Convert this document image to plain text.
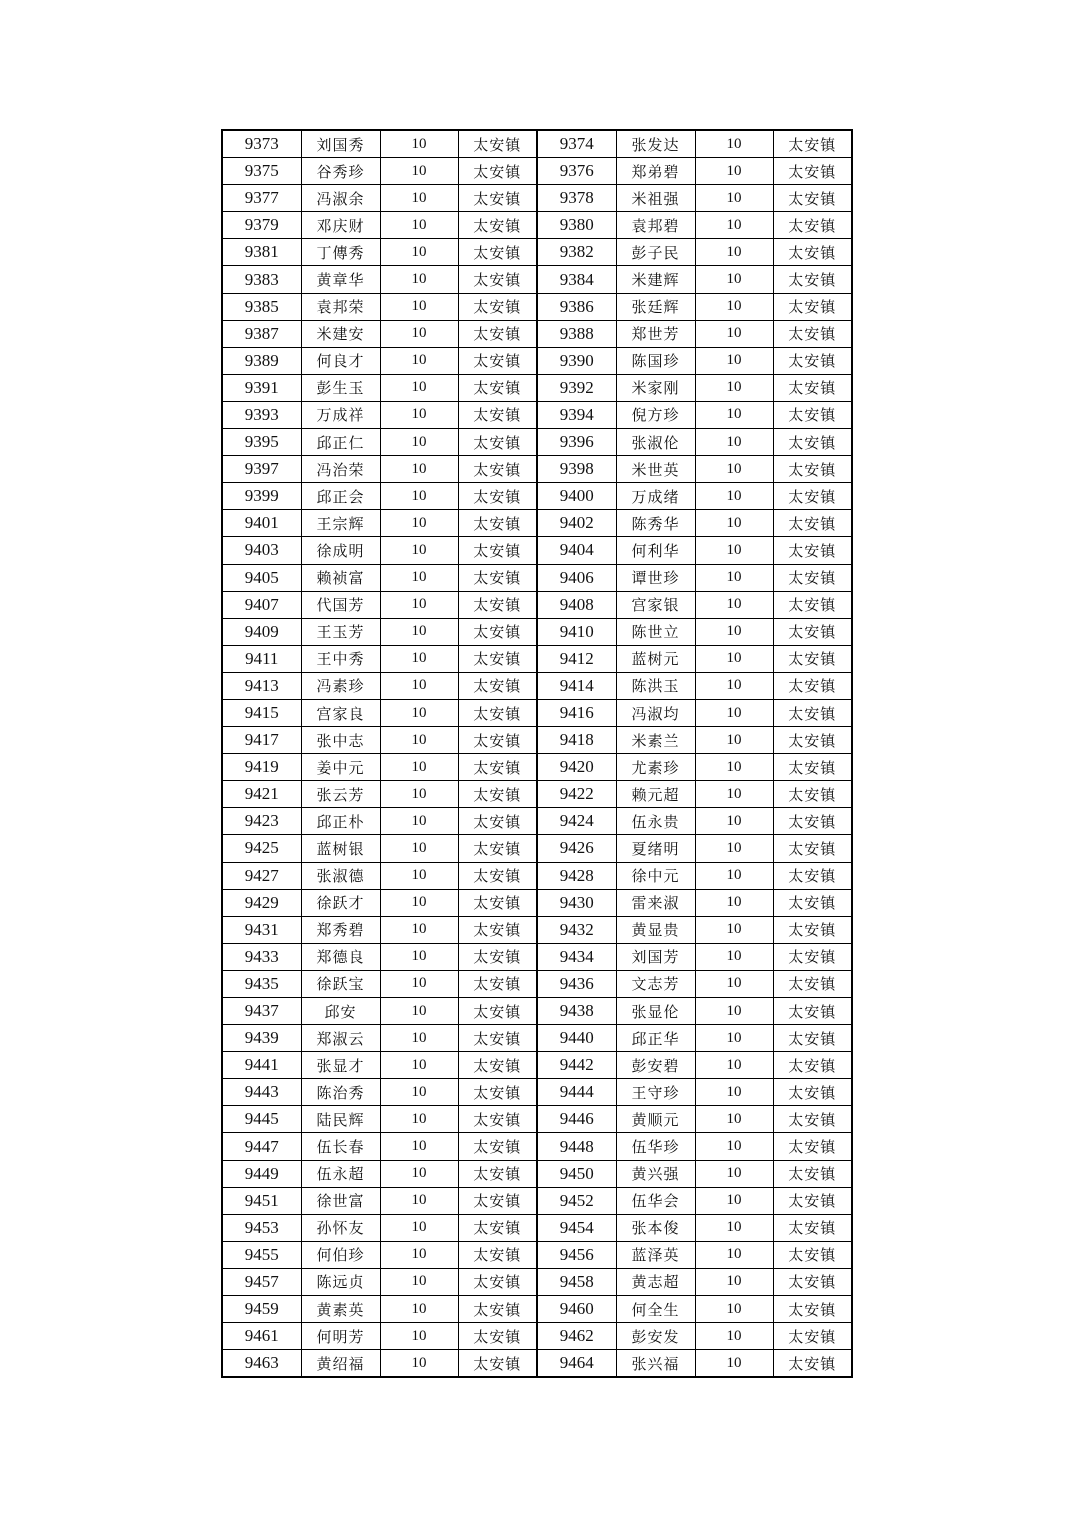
9373	刘国秀	10	太安镇	9374	张发达	10	太安镇
9375	谷秀珍	10	太安镇	9376	郑弟碧	10	太安镇
9377	冯淑余	10	太安镇	9378	米祖强	10	太安镇
9379	邓庆财	10	太安镇	9380	袁邦碧	10	太安镇
9381	丁傳秀	10	太安镇	9382	彭子民	10	太安镇
9383	黄章华	10	太安镇	9384	米建辉	10	太安镇
9385	袁邦荣	10	太安镇	9386	张廷辉	10	太安镇
9387	米建安	10	太安镇	9388	郑世芳	10	太安镇
9389	何良才	10	太安镇	9390	陈国珍	10	太安镇
9391	彭生玉	10	太安镇	9392	米家刚	10	太安镇
9393	万成祥	10	太安镇	9394	倪方珍	10	太安镇
9395	邱正仁	10	太安镇	9396	张淑伦	10	太安镇
9397	冯治荣	10	太安镇	9398	米世英	10	太安镇
9399	邱正会	10	太安镇	9400	万成绪	10	太安镇
9401	王宗辉	10	太安镇	9402	陈秀华	10	太安镇
9403	徐成明	10	太安镇	9404	何利华	10	太安镇
9405	赖祯富	10	太安镇	9406	谭世珍	10	太安镇
9407	代国芳	10	太安镇	9408	宫家银	10	太安镇
9409	王玉芳	10	太安镇	9410	陈世立	10	太安镇
9411	王中秀	10	太安镇	9412	蓝树元	10	太安镇
9413	冯素珍	10	太安镇	9414	陈洪玉	10	太安镇
9415	宫家良	10	太安镇	9416	冯淑均	10	太安镇
9417	张中志	10	太安镇	9418	米素兰	10	太安镇
9419	姜中元	10	太安镇	9420	尤素珍	10	太安镇
9421	张云芳	10	太安镇	9422	赖元超	10	太安镇
9423	邱正朴	10	太安镇	9424	伍永贵	10	太安镇
9425	蓝树银	10	太安镇	9426	夏绪明	10	太安镇
9427	张淑德	10	太安镇	9428	徐中元	10	太安镇
9429	徐跃才	10	太安镇	9430	雷来淑	10	太安镇
9431	郑秀碧	10	太安镇	9432	黄显贵	10	太安镇
9433	郑德良	10	太安镇	9434	刘国芳	10	太安镇
9435	徐跃宝	10	太安镇	9436	文志芳	10	太安镇
9437	邱安	10	太安镇	9438	张显伦	10	太安镇
9439	郑淑云	10	太安镇	9440	邱正华	10	太安镇
9441	张显才	10	太安镇	9442	彭安碧	10	太安镇
9443	陈治秀	10	太安镇	9444	王守珍	10	太安镇
9445	陆民辉	10	太安镇	9446	黄顺元	10	太安镇
9447	伍长春	10	太安镇	9448	伍华珍	10	太安镇
9449	伍永超	10	太安镇	9450	黄兴强	10	太安镇
9451	徐世富	10	太安镇	9452	伍华会	10	太安镇
9453	孙怀友	10	太安镇	9454	张本俊	10	太安镇
9455	何伯珍	10	太安镇	9456	蓝泽英	10	太安镇
9457	陈远贞	10	太安镇	9458	黄志超	10	太安镇
9459	黄素英	10	太安镇	9460	何全生	10	太安镇
9461	何明芳	10	太安镇	9462	彭安发	10	太安镇
9463	黄绍福	10	太安镇	9464	张兴福	10	太安镇
